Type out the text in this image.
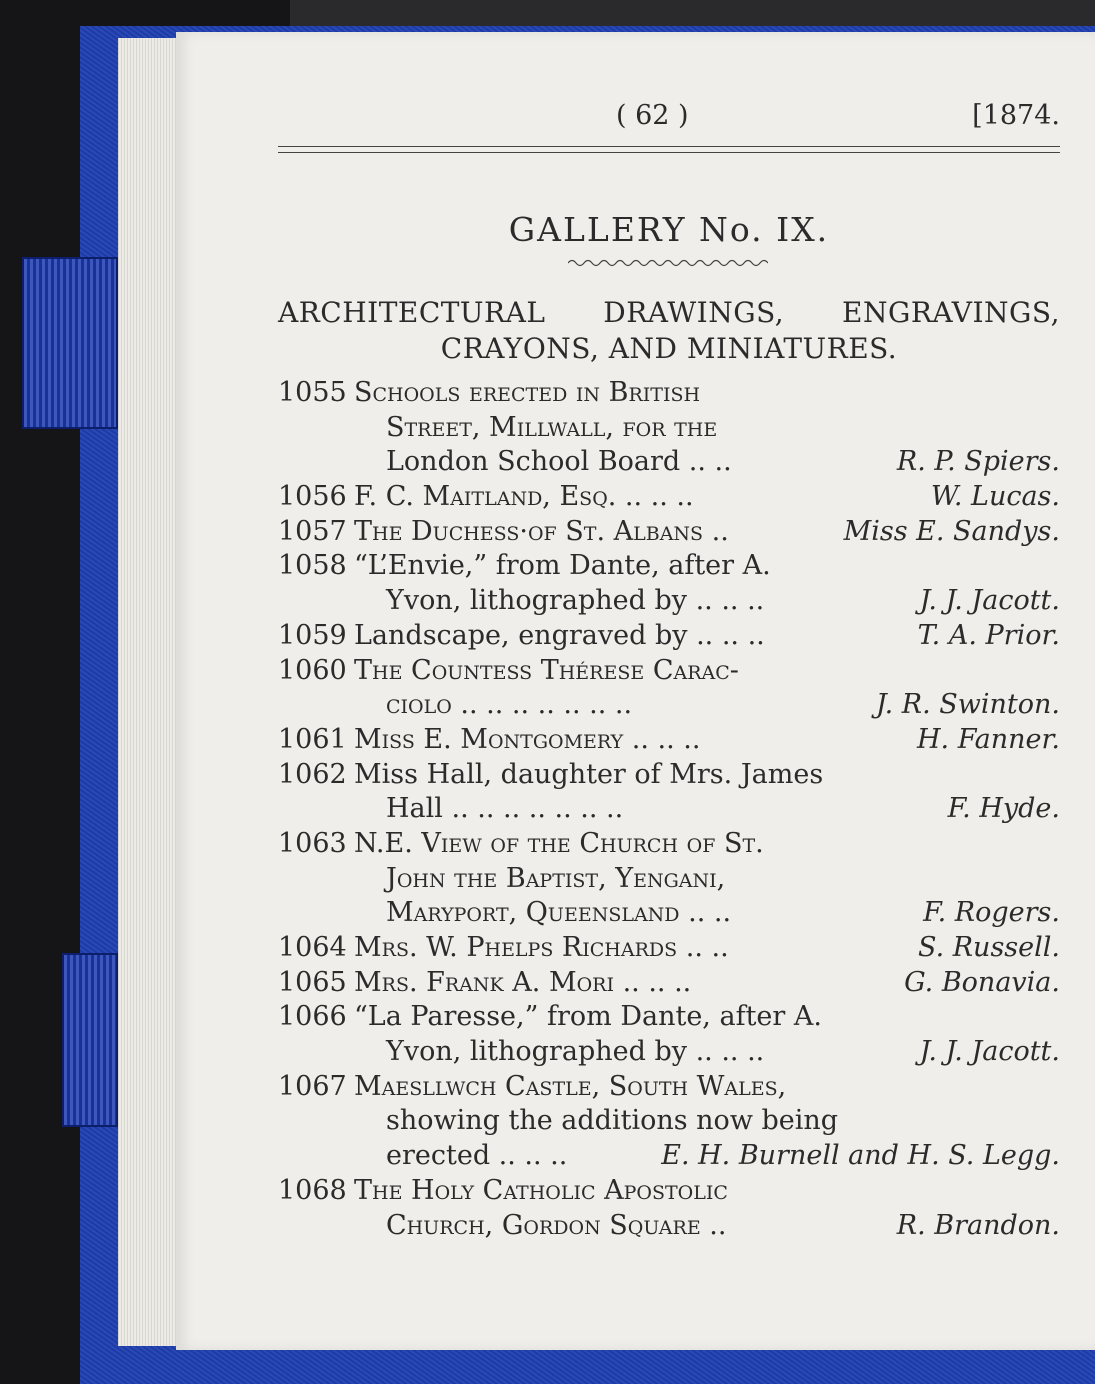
( 62 )	[1874.
GALLERY No. IX.
ARCHITECTURAL DRAWINGS, ENGRAVINGS,
CRAYONS, AND MINIATURES.
1055 Schools erected in British
Street, Millwall, for the
London School Board .. ..	R. P. Spiers.
1056 F. C. Maitland, Esq. .. .. ..	W. Lucas.
1057 The Duchess·of St. Albans ..	Miss E. Sandys.
1058 “L’Envie,” from Dante, after A.
Yvon, lithographed by .. .. ..	J. J. Jacott.
1059 Landscape, engraved by .. .. ..	T. A. Prior.
1060 The Countess Thérese Carac-
ciolo .. .. .. .. .. .. ..	J. R. Swinton.
1061 Miss E. Montgomery .. .. ..	H. Fanner.
1062 Miss Hall, daughter of Mrs. James
Hall .. .. .. .. .. .. ..	F. Hyde.
1063 N.E. View of the Church of St.
John the Baptist, Yengani,
Maryport, Queensland .. ..	F. Rogers.
1064 Mrs. W. Phelps Richards .. ..	S. Russell.
1065 Mrs. Frank A. Mori .. .. ..	G. Bonavia.
1066 “La Paresse,” from Dante, after A.
Yvon, lithographed by .. .. ..	J. J. Jacott.
1067 Maesllwch Castle, South Wales,
showing the additions now being
erected .. .. ..	E. H. Burnell and H. S. Legg.
1068 The Holy Catholic Apostolic
Church, Gordon Square ..	R. Brandon.
